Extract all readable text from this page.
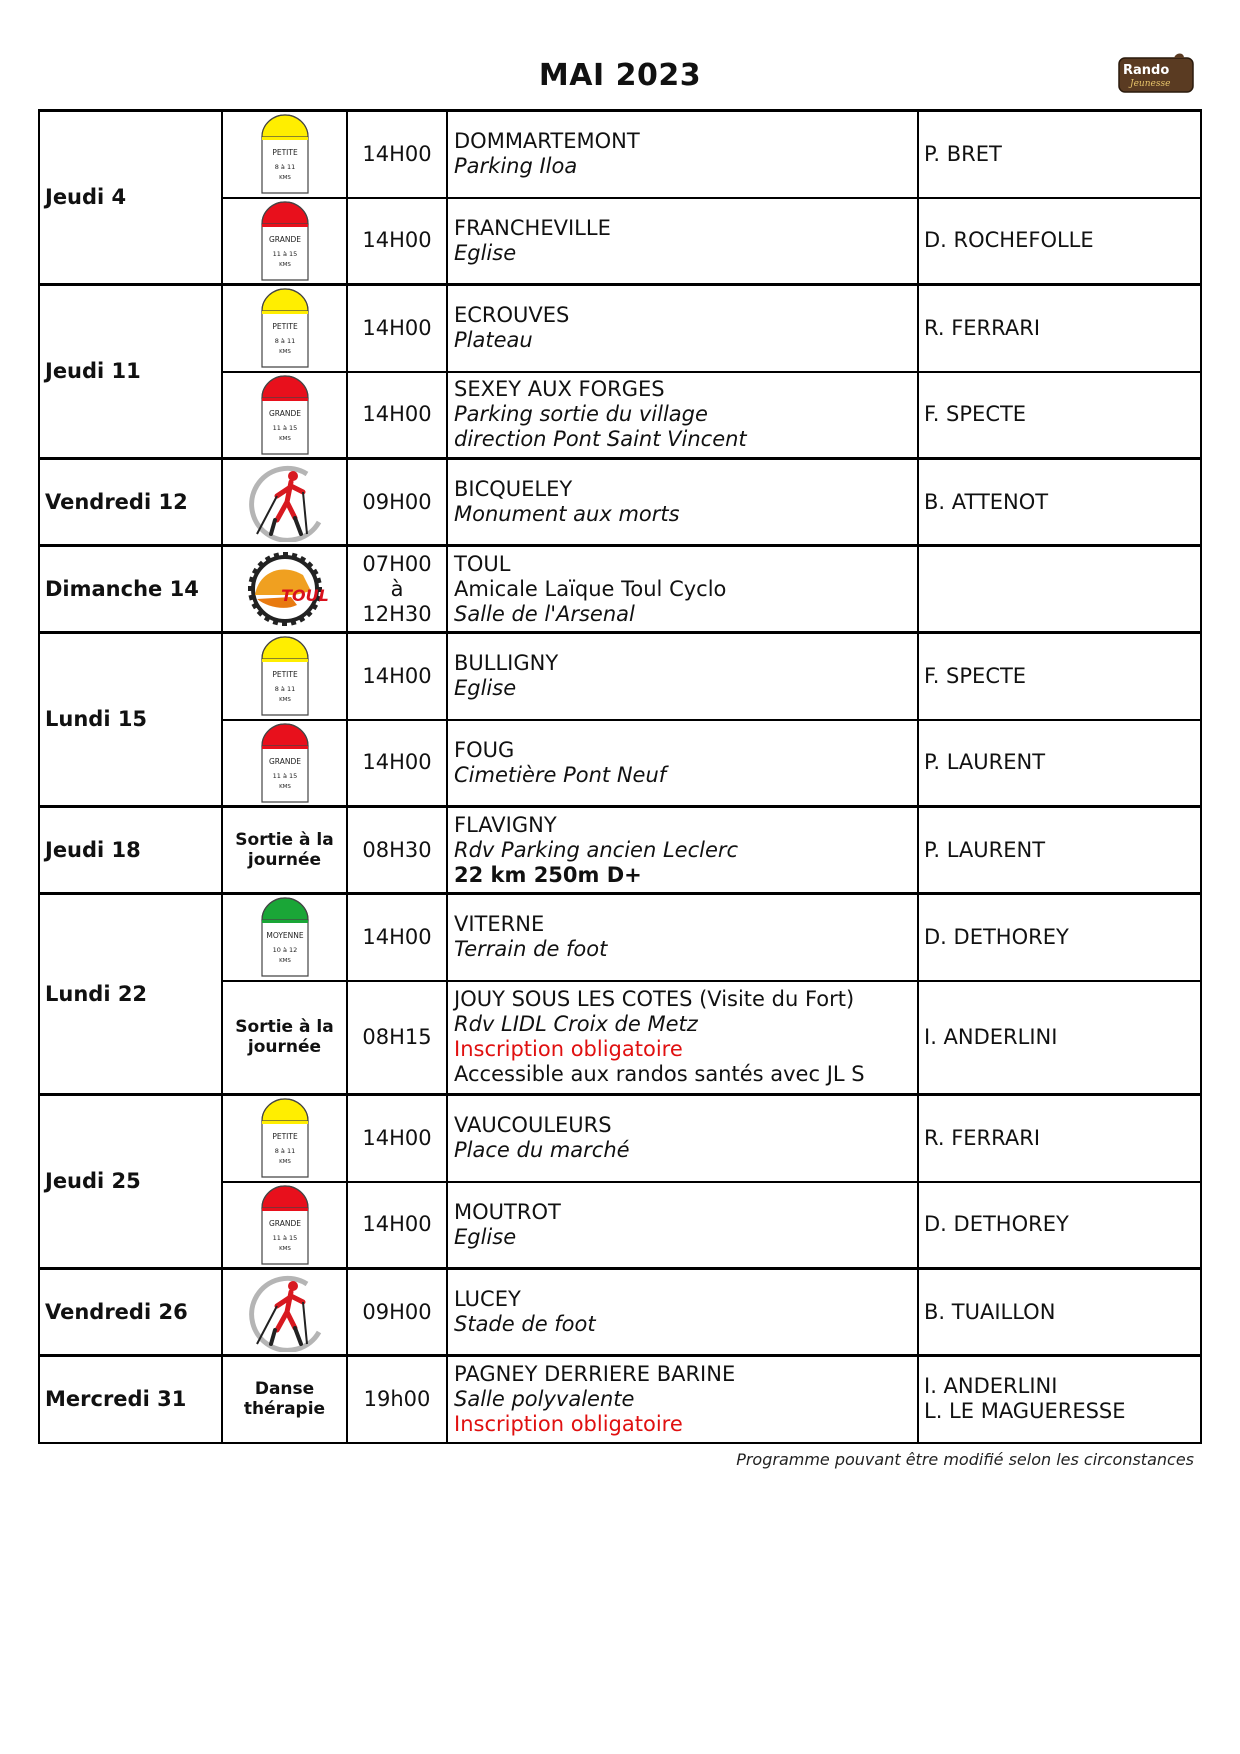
MAI 2023	Rando
Jeunesse
Jeudi 4	PETITE
8 à 11
KMS	14H00	DOMMARTEMONT
Parking Iloa	P. BRET

GRANDE
11 à 15
KMS	14H00	FRANCHEVILLE
Eglise	D. ROCHEFOLLE

Jeudi 11	PETITE
8 à 11
KMS	14H00	ECROUVES
Plateau	R. FERRARI

GRANDE
11 à 15
KMS	14H00	SEXEY AUX FORGES
Parking sortie du village
direction Pont Saint Vincent	F. SPECTE

Vendredi 12		09H00	BICQUELEY
Monument aux morts	B. ATTENOT

Dimanche 14	TOUL	07H00
à
12H30	TOUL
Amicale Laïque Toul Cyclo
Salle de l'Arsenal	

Lundi 15	PETITE
8 à 11
KMS	14H00	BULLIGNY
Eglise	F. SPECTE

GRANDE
11 à 15
KMS	14H00	FOUG
Cimetière Pont Neuf	P. LAURENT

Jeudi 18	Sortie à la journée	08H30	FLAVIGNY
Rdv Parking ancien Leclerc
22 km 250m D+	P. LAURENT

Lundi 22	MOYENNE
10 à 12
KMS	14H00	VITERNE
Terrain de foot	D. DETHOREY

	Sortie à la journée	08H15	JOUY SOUS LES COTES (Visite du Fort)
Rdv LIDL Croix de Metz
Inscription obligatoire
Accessible aux randos santés avec JL S	I. ANDERLINI

Jeudi 25	PETITE
8 à 11
KMS	14H00	VAUCOULEURS
Place du marché	R. FERRARI

GRANDE
11 à 15
KMS	14H00	MOUTROT
Eglise	D. DETHOREY

Vendredi 26		09H00	LUCEY
Stade de foot	B. TUAILLON

Mercredi 31	Danse thérapie	19h00	PAGNEY DERRIERE BARINE
Salle polyvalente
Inscription obligatoire	I. ANDERLINI
L. LE MAGUERESSE
Programme pouvant être modifié selon les circonstances
